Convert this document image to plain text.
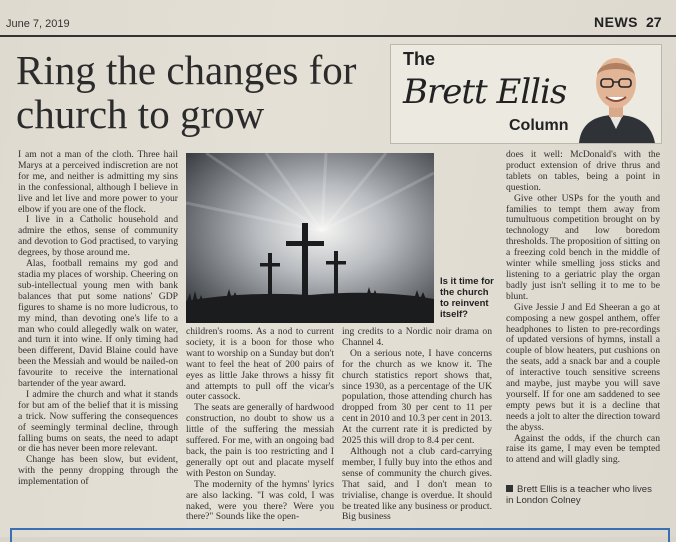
June 7, 2019	NEWS 27
Ring the changes for church to grow
The
Brett Ellis
Column

I am not a man of the cloth. Three hail Marys at a perceived indiscretion are not for me, and neither is admitting my sins in the confessional, although I believe in live and let live and more power to your elbow if you are one of the flock.

I live in a Catholic household and admire the ethos, sense of community and devotion to God practised, to varying degrees, by those around me.

Alas, football remains my god and stadia my places of worship. Cheering on sub-intellectual young men with bank balances that put some nations' GDP figures to shame is no more ludicrous, to my mind, than devoting one's life to a man who could allegedly walk on water, and turn it into wine. If only timing had been different, David Blaine could have been the Messiah and would be nailed-on favourite to receive the international bartender of the year award.

I admire the church and what it stands for but am of the belief that it is missing a trick. Now suffering the consequences of seemingly terminal decline, through falling bums on seats, the need to adapt or die has never been more relevant.

Change has been slow, but evident, with the penny dropping through the implementation of

Is it time for the church to reinvent itself?

children's rooms. As a nod to current society, it is a boon for those who want to worship on a Sunday but don't want to feel the heat of 200 pairs of eyes as little Jake throws a hissy fit and attempts to pull off the vicar's outer cassock.

The seats are generally of hardwood construction, no doubt to show us a little of the suffering the messiah suffered. For me, with an ongoing bad back, the pain is too restricting and I generally opt out and placate myself with Peston on Sunday.

The modernity of the hymns' lyrics are also lacking. "I was cold, I was naked, were you there? Were you there?" Sounds like the open-

ing credits to a Nordic noir drama on Channel 4.

On a serious note, I have concerns for the church as we know it. The church statistics report shows that, since 1930, as a percentage of the UK population, those attending church has dropped from 30 per cent to 11 per cent in 2010 and 10.3 per cent in 2013. At the current rate it is predicted by 2025 this will drop to 8.4 per cent.

Although not a club card-carrying member, I fully buy into the ethos and sense of community the church gives. That said, and I don't mean to trivialise, change is overdue. It should be treated like any business or product. Big business

does it well: McDonald's with the product extension of drive thrus and tablets on tables, being a point in question.

Give other USPs for the youth and families to tempt them away from tumultuous competition brought on by technology and low boredom thresholds. The proposition of sitting on a freezing cold bench in the middle of winter while smelling joss sticks and listening to a geriatric play the organ badly just isn't selling it to me to be blunt.

Give Jessie J and Ed Sheeran a go at composing a new gospel anthem, offer headphones to listen to pre-recordings of updated versions of hymns, install a couple of blow heaters, put cushions on the seats, add a snack bar and a couple of interactive touch sensitive screens and maybe, just maybe you will save yourself. If for one am saddened to see empty pews but it is a decline that needs a jolt to alter the direction toward the abyss.

Against the odds, if the church can raise its game, I may even be tempted to attend and will gladly sing.

Brett Ellis is a teacher who lives in London Colney
